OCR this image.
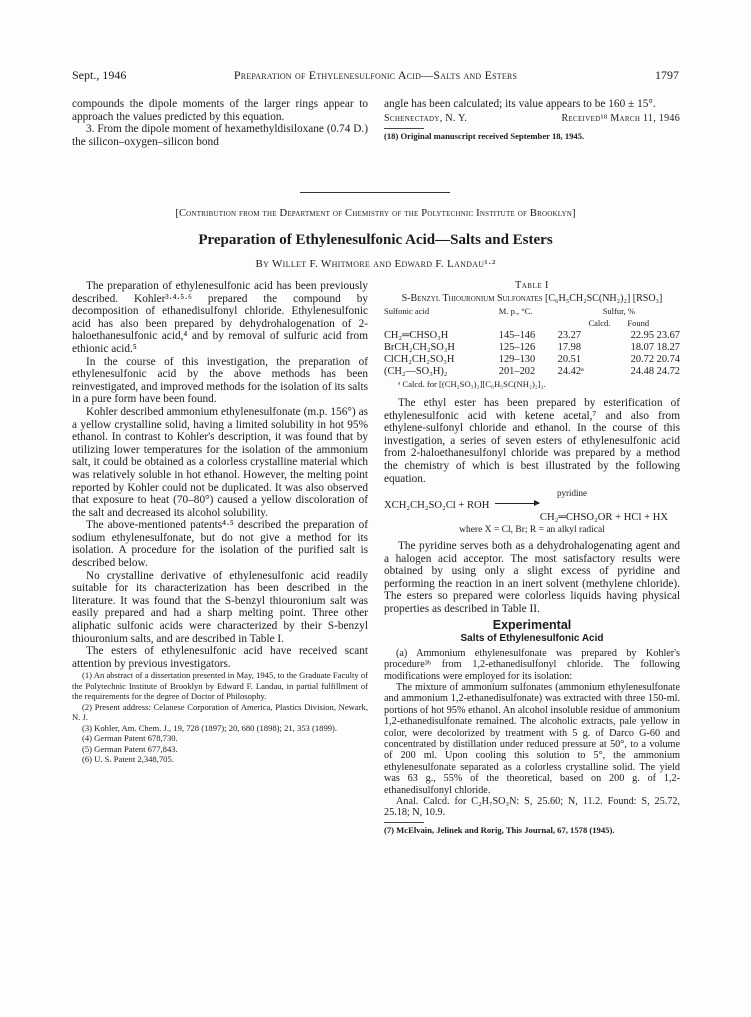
Sept., 1946	Preparation of Ethylenesulfonic Acid—Salts and Esters	1797

compounds the dipole moments of the larger rings appear to approach the values predicted by this equation.

3. From the dipole moment of hexamethyldisiloxane (0.74 D.) the silicon–oxygen–silicon bond

angle has been calculated; its value appears to be 160 ± 15°.

Schenectady, N. Y.	Received¹⁸ March 11, 1946
(18) Original manuscript received September 18, 1945.
[Contribution from the Department of Chemistry of the Polytechnic Institute of Brooklyn]
Preparation of Ethylenesulfonic Acid—Salts and Esters
By Willet F. Whitmore and Edward F. Landau¹·²

The preparation of ethylenesulfonic acid has been previously described. Kohler³·⁴·⁵·⁶ prepared the compound by decomposition of ethanedisulfonyl chloride. Ethylenesulfonic acid has also been prepared by dehydrohalogenation of 2-haloethanesulfonic acid,⁴ and by removal of sulfuric acid from ethionic acid.⁵

In the course of this investigation, the preparation of ethylenesulfonic acid by the above methods has been reinvestigated, and improved methods for the isolation of its salts in a pure form have been found.

Kohler described ammonium ethylenesulfonate (m.p. 156°) as a yellow crystalline solid, having a limited solubility in hot 95% ethanol. In contrast to Kohler's description, it was found that by utilizing lower temperatures for the isolation of the ammonium salt, it could be obtained as a colorless crystalline material which was relatively soluble in hot ethanol. However, the melting point reported by Kohler could not be duplicated. It was also observed that exposure to heat (70–80°) caused a yellow discoloration of the salt and decreased its alcohol solubility.

The above-mentioned patents⁴·⁵ described the preparation of sodium ethylenesulfonate, but do not give a method for its isolation. A procedure for the isolation of the purified salt is described below.

No crystalline derivative of ethylenesulfonic acid readily suitable for its characterization has been described in the literature. It was found that the S-benzyl thiouronium salt was easily prepared and had a sharp melting point. Three other aliphatic sulfonic acids were characterized by their S-benzyl thiouronium salts, and are described in Table I.

The esters of ethylenesulfonic acid have received scant attention by previous investigators.

(1) An abstract of a dissertation presented in May, 1945, to the Graduate Faculty of the Polytechnic Institute of Brooklyn by Edward F. Landau, in partial fulfillment of the requirements for the degree of Doctor of Philosophy.
(2) Present address: Celanese Corporation of America, Plastics Division, Newark, N. J.
(3) Kohler, Am. Chem. J., 19, 728 (1897); 20, 680 (1898); 21, 353 (1899).
(4) German Patent 678,730.
(5) German Patent 677,843.
(6) U. S. Patent 2,348,705.
Table I
S-Benzyl Thiouronium Sulfonates [C₆H₅CH₂SC(NH₂)₂] [RSO₃]
Sulfonic acid	M. p., °C.	Sulfur, %
Calcd. Found	
CH₂═CHSO₃H	145–146	23.27	22.95 23.67
BrCH₂CH₂SO₃H	125–126	17.98	18.07 18.27
ClCH₂CH₂SO₃H	129–130	20.51	20.72 20.74
(CH₂—SO₃H)₂	201–202	24.42ᵃ	24.48 24.72
ᵃ Calcd. for [(CH₂SO₃)₂][C₆H₅SC(NH₂)₂]₂.

The ethyl ester has been prepared by esterification of ethylenesulfonic acid with ketene acetal,⁷ and also from ethylene-sulfonyl chloride and ethanol. In the course of this investigation, a series of seven esters of ethylenesulfonic acid from 2-haloethanesulfonyl chloride was prepared by a method the chemistry of which is best illustrated by the following equation.

pyridine
XCH₂CH₂SO₂Cl + ROH
CH₂═CHSO₂OR + HCl + HX
where X = Cl, Br; R = an alkyl radical

The pyridine serves both as a dehydrohalogenating agent and a halogen acid acceptor. The most satisfactory results were obtained by using only a slight excess of pyridine and performing the reaction in an inert solvent (methylene chloride). The esters so prepared were colorless liquids having physical properties as described in Table II.

Experimental
Salts of Ethylenesulfonic Acid

(a) Ammonium ethylenesulfonate was prepared by Kohler's procedure³ᵇ from 1,2-ethanedisulfonyl chloride. The following modifications were employed for its isolation:

The mixture of ammonium sulfonates (ammonium ethylenesulfonate and ammonium 1,2-ethanedisulfonate) was extracted with three 150-ml. portions of hot 95% ethanol. An alcohol insoluble residue of ammonium 1,2-ethanedisulfonate remained. The alcoholic extracts, pale yellow in color, were decolorized by treatment with 5 g. of Darco G-60 and concentrated by distillation under reduced pressure at 50°, to a volume of 200 ml. Upon cooling this solution to 5°, the ammonium ethylenesulfonate separated as a colorless crystalline solid. The yield was 63 g., 55% of the theoretical, based on 200 g. of 1,2-ethanedisulfonyl chloride.

Anal. Calcd. for C₂H₇SO₃N: S, 25.60; N, 11.2. Found: S, 25.72, 25.18; N, 10.9.

(7) McElvain, Jelinek and Rorig, This Journal, 67, 1578 (1945).
